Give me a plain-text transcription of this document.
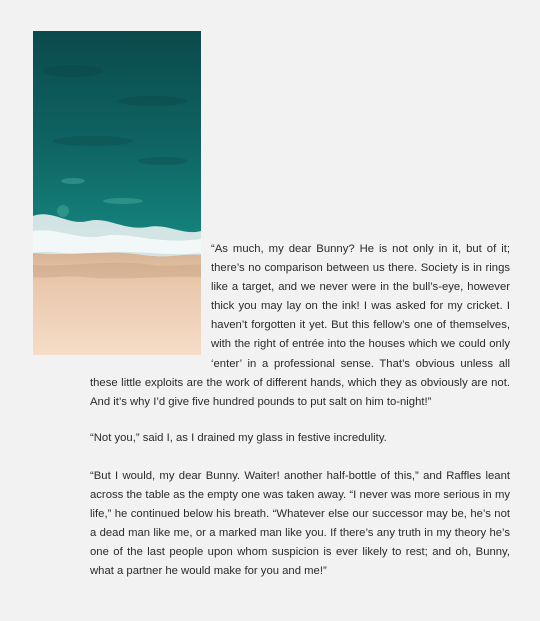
“As much, my dear Bunny? He is not only in it, but of it; there’s no comparison between us there. Society is in rings like a target, and we never were in the bull’s-eye, however thick you may lay on the ink! I was asked for my cricket. I haven’t forgotten it yet. But this fellow’s one of themselves, with the right of entrée into the houses which we could only ‘enter’ in a professional sense. That’s obvious unless all these little exploits are the work of different hands, which they as obviously are not. And it’s why I’d give five hundred pounds to put salt on him to-night!”

“Not you,” said I, as I drained my glass in festive incredulity.

“But I would, my dear Bunny. Waiter! another half-bottle of this,” and Raffles leant across the table as the empty one was taken away. “I never was more serious in my life,” he continued below his breath. “Whatever else our successor may be, he’s not a dead man like me, or a marked man like you. If there’s any truth in my theory he’s one of the last people upon whom suspicion is ever likely to rest; and oh, Bunny, what a partner he would make for you and me!”
